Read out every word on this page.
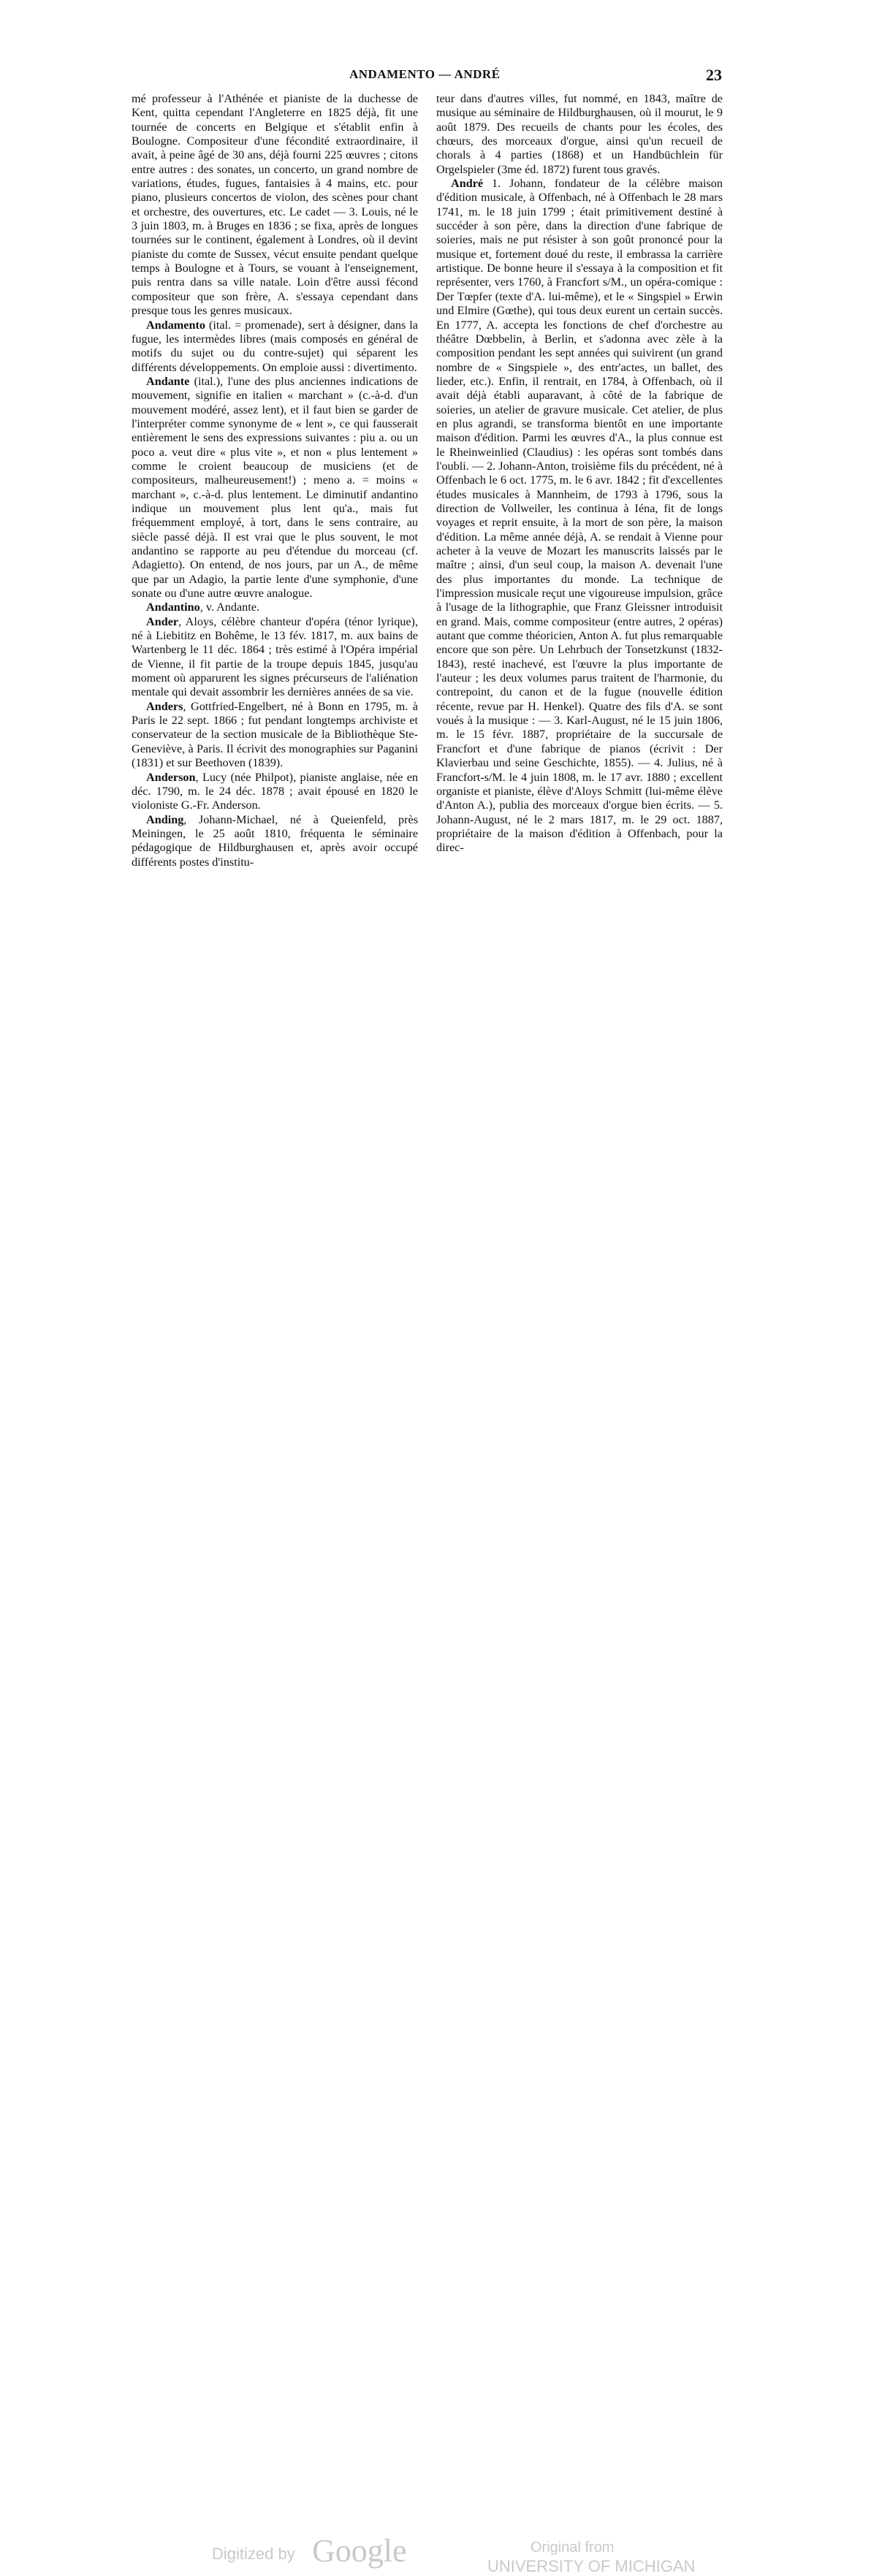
ANDAMENTO — ANDRÉ	23

mé professeur à l'Athénée et pianiste de la duchesse de Kent, quitta cependant l'Angleterre en 1825 déjà, fit une tournée de concerts en Belgique et s'établit enfin à Boulogne. Compositeur d'une fécondité extraordinaire, il avait, à peine âgé de 30 ans, déjà fourni 225 œuvres ; citons entre autres : des sonates, un concerto, un grand nombre de variations, études, fugues, fantaisies à 4 mains, etc. pour piano, plusieurs concertos de violon, des scènes pour chant et orchestre, des ouvertures, etc. Le cadet — 3. Louis, né le 3 juin 1803, m. à Bruges en 1836 ; se fixa, après de longues tournées sur le continent, également à Londres, où il devint pianiste du comte de Sussex, vécut ensuite pendant quelque temps à Boulogne et à Tours, se vouant à l'enseignement, puis rentra dans sa ville natale. Loin d'être aussi fécond compositeur que son frère, A. s'essaya cependant dans presque tous les genres musicaux.

Andamento (ital. = promenade), sert à désigner, dans la fugue, les intermèdes libres (mais composés en général de motifs du sujet ou du contre-sujet) qui séparent les différents développements. On emploie aussi : divertimento.

Andante (ital.), l'une des plus anciennes indications de mouvement, signifie en italien « marchant » (c.-à-d. d'un mouvement modéré, assez lent), et il faut bien se garder de l'interpréter comme synonyme de « lent », ce qui fausserait entièrement le sens des expressions suivantes : piu a. ou un poco a. veut dire « plus vite », et non « plus lentement » comme le croient beaucoup de musiciens (et de compositeurs, malheureusement!) ; meno a. = moins « marchant », c.-à-d. plus lentement. Le diminutif andantino indique un mouvement plus lent qu'a., mais fut fréquemment employé, à tort, dans le sens contraire, au siècle passé déjà. Il est vrai que le plus souvent, le mot andantino se rapporte au peu d'étendue du morceau (cf. Adagietto). On entend, de nos jours, par un A., de même que par un Adagio, la partie lente d'une symphonie, d'une sonate ou d'une autre œuvre analogue.

Andantino, v. Andante.

Ander, Aloys, célèbre chanteur d'opéra (ténor lyrique), né à Liebititz en Bohême, le 13 fév. 1817, m. aux bains de Wartenberg le 11 déc. 1864 ; très estimé à l'Opéra impérial de Vienne, il fit partie de la troupe depuis 1845, jusqu'au moment où apparurent les signes précurseurs de l'aliénation mentale qui devait assombrir les dernières années de sa vie.

Anders, Gottfried-Engelbert, né à Bonn en 1795, m. à Paris le 22 sept. 1866 ; fut pendant longtemps archiviste et conservateur de la section musicale de la Bibliothèque Ste-Geneviève, à Paris. Il écrivit des monographies sur Paganini (1831) et sur Beethoven (1839).

Anderson, Lucy (née Philpot), pianiste anglaise, née en déc. 1790, m. le 24 déc. 1878 ; avait épousé en 1820 le violoniste G.-Fr. Anderson.

Anding, Johann-Michael, né à Queienfeld, près Meiningen, le 25 août 1810, fréquenta le séminaire pédagogique de Hildburghausen et, après avoir occupé différents postes d'institu-

teur dans d'autres villes, fut nommé, en 1843, maître de musique au séminaire de Hildburghausen, où il mourut, le 9 août 1879. Des recueils de chants pour les écoles, des chœurs, des morceaux d'orgue, ainsi qu'un recueil de chorals à 4 parties (1868) et un Handbüchlein für Orgelspieler (3me éd. 1872) furent tous gravés.

André 1. Johann, fondateur de la célèbre maison d'édition musicale, à Offenbach, né à Offenbach le 28 mars 1741, m. le 18 juin 1799 ; était primitivement destiné à succéder à son père, dans la direction d'une fabrique de soieries, mais ne put résister à son goût prononcé pour la musique et, fortement doué du reste, il embrassa la carrière artistique. De bonne heure il s'essaya à la composition et fit représenter, vers 1760, à Francfort s/M., un opéra-comique : Der Tœpfer (texte d'A. lui-même), et le « Singspiel » Erwin und Elmire (Gœthe), qui tous deux eurent un certain succès. En 1777, A. accepta les fonctions de chef d'orchestre au théâtre Dœbbelin, à Berlin, et s'adonna avec zèle à la composition pendant les sept années qui suivirent (un grand nombre de « Singspiele », des entr'actes, un ballet, des lieder, etc.). Enfin, il rentrait, en 1784, à Offenbach, où il avait déjà établi auparavant, à côté de la fabrique de soieries, un atelier de gravure musicale. Cet atelier, de plus en plus agrandi, se transforma bientôt en une importante maison d'édition. Parmi les œuvres d'A., la plus connue est le Rheinweinlied (Claudius) : les opéras sont tombés dans l'oubli. — 2. Johann-Anton, troisième fils du précédent, né à Offenbach le 6 oct. 1775, m. le 6 avr. 1842 ; fit d'excellentes études musicales à Mannheim, de 1793 à 1796, sous la direction de Vollweiler, les continua à Iéna, fit de longs voyages et reprit ensuite, à la mort de son père, la maison d'édition. La même année déjà, A. se rendait à Vienne pour acheter à la veuve de Mozart les manuscrits laissés par le maître ; ainsi, d'un seul coup, la maison A. devenait l'une des plus importantes du monde. La technique de l'impression musicale reçut une vigoureuse impulsion, grâce à l'usage de la lithographie, que Franz Gleissner introduisit en grand. Mais, comme compositeur (entre autres, 2 opéras) autant que comme théoricien, Anton A. fut plus remarquable encore que son père. Un Lehrbuch der Tonsetzkunst (1832-1843), resté inachevé, est l'œuvre la plus importante de l'auteur ; les deux volumes parus traitent de l'harmonie, du contrepoint, du canon et de la fugue (nouvelle édition récente, revue par H. Henkel). Quatre des fils d'A. se sont voués à la musique : — 3. Karl-August, né le 15 juin 1806, m. le 15 févr. 1887, propriétaire de la succursale de Francfort et d'une fabrique de pianos (écrivit : Der Klavierbau und seine Geschichte, 1855). — 4. Julius, né à Francfort-s/M. le 4 juin 1808, m. le 17 avr. 1880 ; excellent organiste et pianiste, élève d'Aloys Schmitt (lui-même élève d'Anton A.), publia des morceaux d'orgue bien écrits. — 5. Johann-August, né le 2 mars 1817, m. le 29 oct. 1887, propriétaire de la maison d'édition à Offenbach, pour la direc-

Digitized by Google	Original from
UNIVERSITY OF MICHIGAN
